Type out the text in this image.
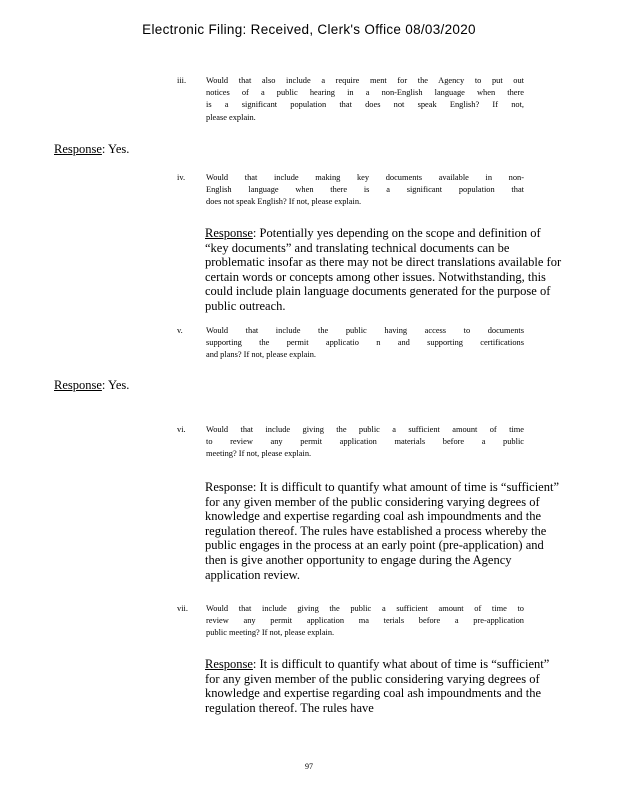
Electronic Filing: Received, Clerk's Office 08/03/2020
iii. Would that also include a require ment for the Agency to put out
notices of a public hearing in a non-English language when there
is a significant population that does not speak English? If not,
please explain.
Response: Yes.
iv. Would that include making key documents available in non-
English language when there is a significant population that
does not speak English? If not, please explain.
Response: Potentially yes depending on the scope and definition of “key documents” and translating technical documents can be problematic insofar as there may not be direct translations available for certain words or concepts among other issues. Notwithstanding, this could include plain language documents generated for the purpose of public outreach.
v.	Would that include the public having access to documents
supporting the permit applicatio n and supporting certifications
and plans? If not, please explain.
Response: Yes.
vi. Would that include giving the public a sufficient amount of time
to review any permit application materials before a public
meeting? If not, please explain.
Response: It is difficult to quantify what amount of time is “sufficient” for any given member of the public considering varying degrees of knowledge and expertise regarding coal ash impoundments and the regulation thereof. The rules have established a process whereby the public engages in the process at an early point (pre-application) and then is give another opportunity to engage during the Agency application review.
vii. Would that include giving the public a sufficient amount of time to
review any permit application ma terials before a pre-application
public meeting? If not, please explain.
Response: It is difficult to quantify what about of time is “sufficient” for any given member of the public considering varying degrees of knowledge and expertise regarding coal ash impoundments and the regulation thereof. The rules have
97
